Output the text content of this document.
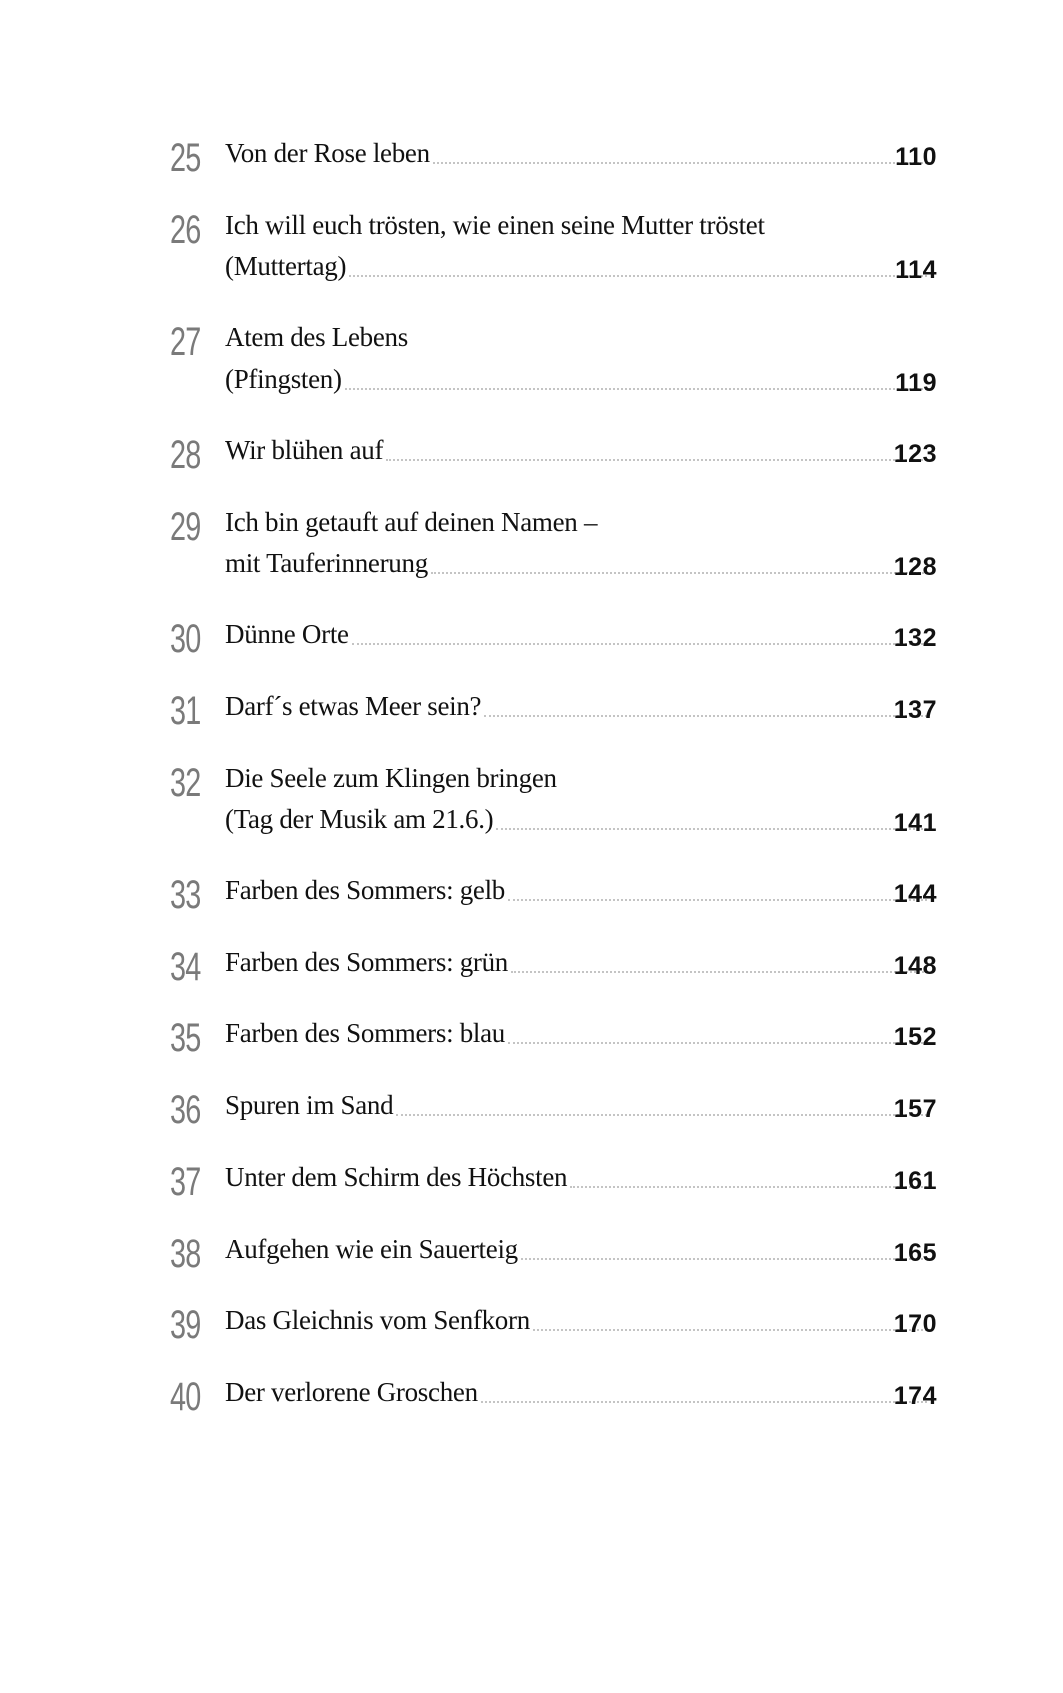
25 Von der Rose leben	110
26 Ich will euch trösten, wie einen seine Mutter tröstet
(Muttertag)	114
27 Atem des Lebens
(Pfingsten)	119
28 Wir blühen auf	123
29 Ich bin getauft auf deinen Namen –
mit Tauferinnerung	128
30 Dünne Orte	132
31 Darf´s etwas Meer sein?	137
32 Die Seele zum Klingen bringen
(Tag der Musik am 21.6.)	141
33 Farben des Sommers: gelb	144
34 Farben des Sommers: grün	148
35 Farben des Sommers: blau	152
36 Spuren im Sand	157
37 Unter dem Schirm des Höchsten	161
38 Aufgehen wie ein Sauerteig	165
39 Das Gleichnis vom Senfkorn	170
40 Der verlorene Groschen	174
